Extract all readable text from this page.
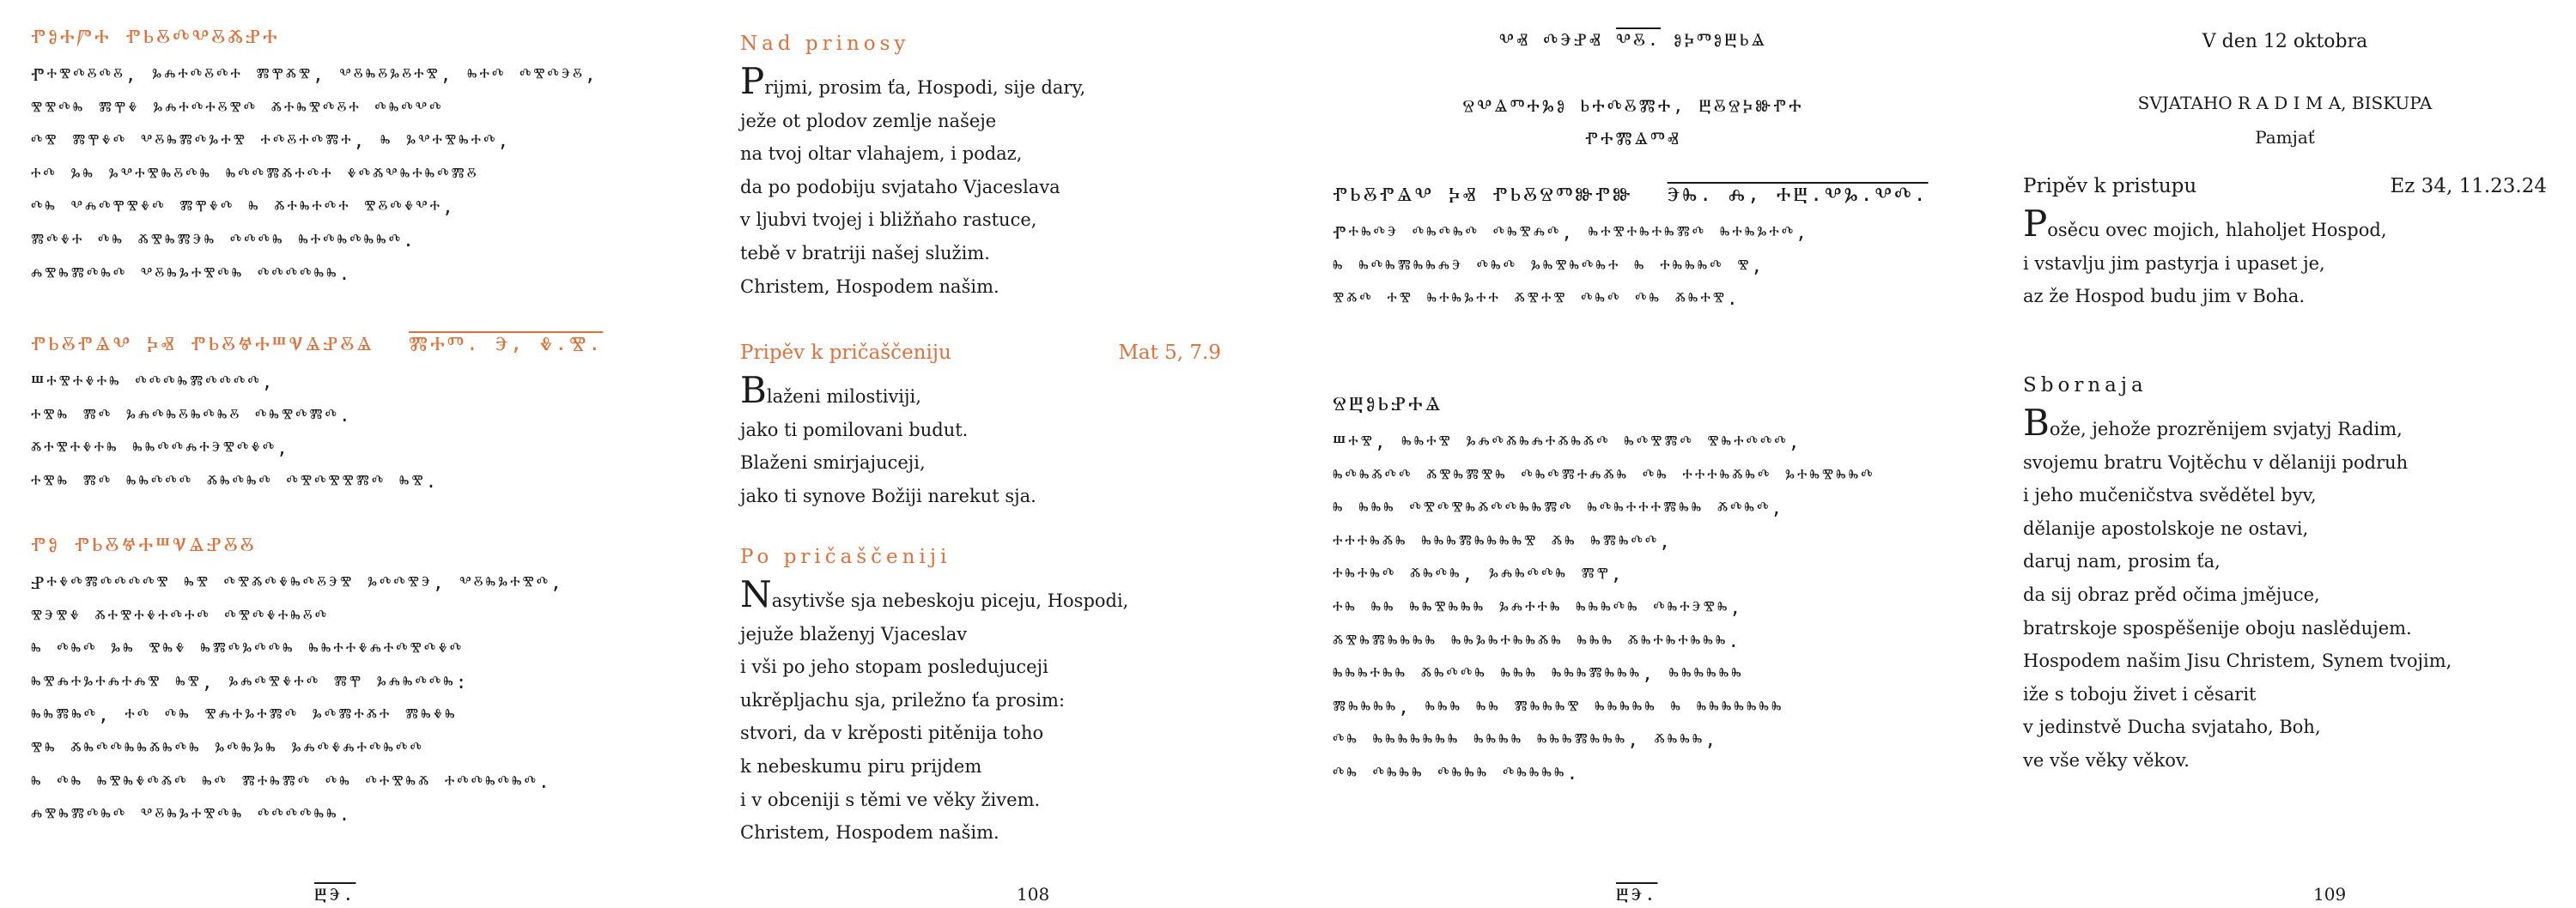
ⰒⰑⰀⰣⰀ ⰒⰓⰋⰄⰂⰋⰆⰐⰀ
Ⱂⰰⰺⰴⰻⰴⰻ, ⰳⰾⰰⰴⰻⰴⰰ ⰿⰹⰶⰺ, ⰲⰻⰸⰻⰳⰻⰰⰺ, ⰸⰰⰴ ⰴⰺⰴⰵⰻ,
ⰺⰺⰴⰸ ⰿⰹⰷ ⰳⰾⰰⰴⰰⰻⰺⰴ ⰶⰰⰸⰺⰴⰻⰰ ⰴⰸⰴⰲⰴ
ⰴⰺ ⰿⰹⰷⰴ ⰲⰻⰸⰿⰴⰳⰰⰺ ⰰⰴⰻⰰⰴⰿⰰ, ⰸ ⰳⰲⰰⰺⰸⰰⰴ,
ⰰⰴ ⰳⰸ ⰳⰲⰰⰺⰸⰻⰴⰸ ⰸⰴⰴⰿⰶⰰⰴⰰ ⰷⰴⰶⰲⰸⰰⰸⰴⰿⰻ
ⰴⰸ ⰲⰾⰴⰹⰺⰷⰴ ⰿⰹⰷⰴ ⰸ ⰶⰰⰸⰰⰴⰰ ⰺⰻⰴⰷⰲⰰ,
ⰿⰴⰷⰰ ⰴⰸ ⰶⰺⰸⰿⰵⰸ ⰴⰴⰴⰸ ⰸⰰⰴⰸⰴⰸⰸⰴ.
ⰾⰺⰸⰿⰴⰸⰴ ⰲⰻⰸⰳⰰⰺⰴⰸ ⰴⰴⰴⰴⰸⰸ.
ⰒⰓⰋⰒⰡⰂ ⰍⰟ ⰒⰓⰋⰝⰀⰞⰜⰡⰐⰋⰡ ⰏⰀⰕ. Ⰵ, Ⰷ.Ⰺ.
Ⱎⰰⰺⰰⰷⰰⰸ ⰴⰴⰴⰸⰿⰴⰴⰴⰴ,
ⰰⰺⰸ ⰿⰴ ⰳⰾⰴⰸⰻⰸⰴⰸⰻ ⰴⰸⰺⰴⰿⰴ.
ⰶⰰⰺⰰⰷⰰⰸ ⰸⰸⰴⰴⰾⰰⰵⰺⰴⰷⰴ,
ⰰⰺⰸ ⰿⰴ ⰸⰸⰴⰴⰴ ⰶⰸⰴⰸⰴ ⰴⰺⰴⰺⰺⰿⰴ ⰸⰺ.
ⰒⰑ ⰒⰓⰋⰝⰀⰞⰜⰡⰐⰋⰋ
Ⱀⰰⰷⰴⰿⰴⰴⰴⰴⰺ ⰸⰺ ⰴⰺⰶⰴⰷⰸⰴⰻⰵⰺ ⰳⰴⰴⰺⰵ, ⰲⰻⰸⰳⰰⰺⰴ,
ⰺⰵⰺⰷ ⰶⰰⰺⰰⰷⰰⰴⰰⰴ ⰴⰺⰴⰷⰰⰸⰻⰴ
ⰸ ⰴⰸⰴ ⰳⰸ ⰺⰸⰷ ⰸⰿⰴⰳⰴⰴⰸ ⰸⰸⰰⰰⰷⰾⰰⰴⰺⰴⰷⰴ
ⰸⰺⰾⰰⰳⰰⰾⰰⰾⰺ ⰸⰺ, ⰳⰾⰴⰺⰷⰰⰴ ⰿⰹ ⰳⰾⰸⰴⰴⰸ:
ⰸⰸⰿⰸⰴ, ⰰⰴ ⰴⰸ ⰺⰾⰰⰳⰰⰿⰴ ⰳⰴⰿⰰⰶⰰ ⰿⰸⰷⰸ
ⰺⰸ ⰶⰸⰴⰴⰸⰸⰶⰸⰴⰸ ⰳⰴⰸⰳⰸ ⰳⰾⰴⰷⰾⰰⰴⰸⰴⰴ
ⰸ ⰴⰸ ⰸⰺⰸⰷⰴⰶⰴ ⰸⰴ ⰿⰰⰸⰿⰴ ⰴⰸ ⰴⰰⰺⰸⰶ ⰰⰴⰴⰸⰴⰸⰴ.
ⰾⰺⰸⰿⰴⰸⰴ ⰲⰻⰸⰳⰰⰺⰴⰸ ⰴⰴⰴⰴⰸⰸ.
ⰁⰅ.
Nad prinosy
Prijmi, prosim ťa, Hospodi, sije dary,
ježe ot plodov zemlje našeje
na tvoj oltar vlahajem, i podaz,
da po podobiju svjataho Vjaceslava
v ljubvi tvojej i bližňaho rastuce,
tebě v bratriji našej služim.
Christem, Hospodem našim.
Pripěv k pričaščeniju	Mat 5, 7.9
Blaženi milostiviji,
jako ti pomilovani budut.
Blaženi smirjajuceji,
jako ti synove Božiji narekut sja.
Po pričaščeniji
Nasytivše sja nebeskoju piceju, Hospodi,
jejuže blaženyj Vjaceslav
i vši po jeho stopam posledujuceji
ukrěpljachu sja, priležno ťa prosim:
stvori, da v krěposti pitěnija toho
k nebeskumu piru prijdem
i v obceniji s těmi ve věky živem.
Christem, Hospodem našim.
108
ⰂⰟ ⰄⰅⰐⰟ ⰂⰋ. ⰑⰍⰕⰑⰁⰓⰡ
ⰔⰂⰡⰕⰀⰃⰑ ⰓⰀⰄⰋⰏⰀ, ⰁⰋⰔⰍⰖⰒⰀ
ⰒⰀⰏⰡⰕⰟ
ⰒⰓⰋⰒⰡⰂ ⰍⰟ ⰒⰓⰋⰔⰕⰖⰒⰖ ⰅⰈ. Ⰾ, ⰀⰁ.ⰂⰃ.ⰂⰄ.
Ⱂⰰⰸⰴⰵ ⰴⰸⰴⰸⰴ ⰴⰸⰺⰾⰴ, ⰸⰰⰺⰰⰸⰰⰸⰿⰴ ⰸⰰⰸⰳⰰⰴ,
ⰸ ⰸⰴⰸⰿⰸⰸⰾⰵ ⰴⰸⰴ ⰳⰸⰺⰸⰴⰸⰰ ⰸ ⰰⰸⰸⰸⰴ ⰺ,
ⰺⰶⰴ ⰰⰺ ⰸⰰⰸⰳⰰⰰ ⰶⰺⰰⰺ ⰴⰸⰴ ⰴⰸ ⰶⰸⰰⰺ.
ⰔⰁⰑⰓⰐⰀⰡ
Ⱎⰰⰺ, ⰸⰸⰰⰺ ⰳⰾⰴⰶⰸⰾⰰⰶⰸⰶⰴ ⰸⰴⰺⰿⰴ ⰺⰸⰰⰴⰴⰴ,
ⰸⰴⰸⰶⰴⰴ ⰶⰺⰸⰿⰺⰸ ⰴⰸⰴⰿⰰⰾⰶⰸ ⰴⰸ ⰰⰰⰰⰸⰶⰸⰴ ⰳⰰⰸⰺⰸⰸⰴ
ⰸ ⰸⰸⰸ ⰴⰺⰴⰺⰸⰶⰴⰴⰸⰸⰿⰴ ⰸⰴⰸⰰⰰⰰⰿⰸⰸ ⰶⰴⰸⰴ,
ⰰⰰⰰⰸⰶⰸ ⰸⰸⰸⰿⰸⰸⰸⰸⰺ ⰶⰸ ⰸⰿⰸⰴⰴ,
ⰰⰸⰰⰸⰴ ⰶⰸⰴⰸ, ⰳⰾⰸⰴⰴⰸ ⰿⰹ,
ⰰⰸ ⰸⰸ ⰸⰸⰺⰸⰸⰸ ⰳⰾⰰⰰⰸ ⰸⰸⰸⰴⰸ ⰴⰸⰰⰵⰺⰸ,
ⰶⰺⰸⰿⰸⰸⰸⰸ ⰸⰸⰳⰸⰰⰸⰸⰶⰸ ⰸⰸⰸ ⰶⰸⰰⰸⰰⰸⰸⰸ.
ⰸⰸⰸⰰⰸⰸ ⰶⰸⰴⰴⰸ ⰸⰸⰸ ⰸⰸⰸⰿⰸⰸⰸ, ⰸⰸⰸⰸⰸⰸ
ⰿⰸⰸⰸⰸ, ⰸⰸⰸ ⰸⰸ ⰿⰸⰸⰸⰺ ⰸⰸⰸⰸⰸ ⰸ ⰸⰸⰸⰸⰸⰸⰸ
ⰴⰸ ⰸⰸⰸⰸⰸⰸⰸ ⰸⰸⰸⰸ ⰸⰸⰸⰿⰸⰸⰸ, ⰶⰸⰸⰸ,
ⰴⰸ ⰴⰸⰸⰸ ⰴⰸⰸⰸ ⰴⰸⰸⰸⰸ.
ⰁⰅ.
V den 12 oktobra
SVJATAHO R A D I M A, BISKUPA
Pamjať
Pripěv k pristupu	Ez 34, 11.23.24
Posěcu ovec mojich, hlaholjet Hospod,
i vstavlju jim pastyrja i upaset je,
az že Hospod budu jim v Boha.
Sbornaja
Bože, jehože prozrěnijem svjatyj Radim,
svojemu bratru Vojtěchu v dělaniji podruh
i jeho mučeničstva svědětel byv,
dělanije apostolskoje ne ostavi,
daruj nam, prosim ťa,
da sij obraz prěd očima jměјuce,
bratrskoje spospěšenije oboju naslědujem.
Hospodem našim Jisu Christem, Synem tvojim,
iže s toboju živet i cěsarit
v jedinstvě Ducha svjataho, Boh,
ve vše věky věkov.
109
